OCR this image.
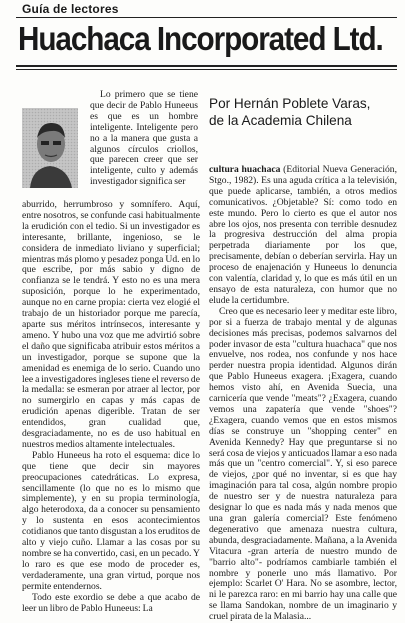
Guía de lectores
Huachaca Incorporated Ltd.

Lo primero que se tiene que decir de Pablo Huneeus es que es un hombre inteligente. Inteligente pero no a la manera que gusta a algunos círculos criollos, que parecen creer que ser inteligente, culto y además investigador significa ser

aburrido, herrumbroso y somnífero. Aquí, entre nosotros, se confunde casi habitualmente la erudición con el tedio. Si un investigador es interesante, brillante, ingenioso, se le considera de inmediato liviano y superficial; mientras más plomo y pesadez ponga Ud. en lo que escribe, por más sabio y digno de confianza se le tendrá. Y esto no es una mera suposición, porque lo he experimentado, aunque no en carne propia: cierta vez elogié el trabajo de un historiador porque me parecía, aparte sus méritos intrínsecos, interesante y ameno. Y hubo una voz que me advirtió sobre el daño que significaba atribuir estos méritos a un investigador, porque se supone que la amenidad es enemiga de lo serio. Cuando uno lee a investigadores ingleses tiene el reverso de la medalla: se esmeran por atraer al lector, por no sumergirlo en capas y más capas de erudición apenas digerible. Tratan de ser entendidos, gran cualidad que, desgraciadamente, no es de uso habitual en nuestros medios altamente intelectuales.

Pablo Huneeus ha roto el esquema: dice lo que tiene que decir sin mayores preocupaciones catedráticas. Lo expresa, sencillamente (lo que no es lo mismo que simplemente), y en su propia terminología, algo heterodoxa, da a conocer su pensamiento y lo sustenta en esos acontecimientos cotidianos que tanto disgustan a los eruditos de alto y viejo cuño. Llamar a las cosas por su nombre se ha convertido, casi, en un pecado. Y lo raro es que ese modo de proceder es, verdaderamente, una gran virtud, porque nos permite entendernos.

Todo este exordio se debe a que acabo de leer un libro de Pablo Huneeus: La

Por Hernán Poblete Varas,
de la Academia Chilena

cultura huachaca (Editorial Nueva Generación, Stgo., 1982). Es una aguda crítica a la televisión, que puede aplicarse, también, a otros medios comunicativos. ¿Objetable? Sí: como todo en este mundo. Pero lo cierto es que el autor nos abre los ojos, nos presenta con terrible desnudez la progresiva destrucción del alma propia perpetrada diariamente por los que, precisamente, debían o deberían servirla. Hay un proceso de enajenación y Huneeus lo denuncia con valentía, claridad y, lo que es más útil en un ensayo de esta naturaleza, con humor que no elude la certidumbre.

Creo que es necesario leer y meditar este libro, por si a fuerza de trabajo mental y de algunas decisiones más precisas, podemos salvarnos del poder invasor de esta "cultura huachaca" que nos envuelve, nos rodea, nos confunde y nos hace perder nuestra propia identidad. Algunos dirán que Pablo Huneeus exagera. ¡Exagera, cuando hemos visto ahí, en Avenida Suecia, una carnicería que vende "meats"? ¿Exagera, cuando vemos una zapatería que vende "shoes"? ¿Exagera, cuando vemos que en estos mismos días se construye un "shopping center" en Avenida Kennedy? Hay que preguntarse si no será cosa de viejos y anticuados llamar a eso nada más que un "centro comercial". Y, si eso parece de viejos, ¿por qué no inventar, si es que hay imaginación para tal cosa, algún nombre propio de nuestro ser y de nuestra naturaleza para designar lo que es nada más y nada menos que una gran galería comercial? Este fenómeno degenerativo que amenaza nuestra cultura, abunda, desgraciadamente. Mañana, a la Avenida Vitacura -gran artería de nuestro mundo de "barrio alto"- podríamos cambiarle también el nombre y ponerle uno más llamativo. Por ejemplo: Scarlet O' Hara. No se asombre, lector, ni le parezca raro: en mi barrio hay una calle que se llama Sandokan, nombre de un imaginario y cruel pirata de la Malasia...
